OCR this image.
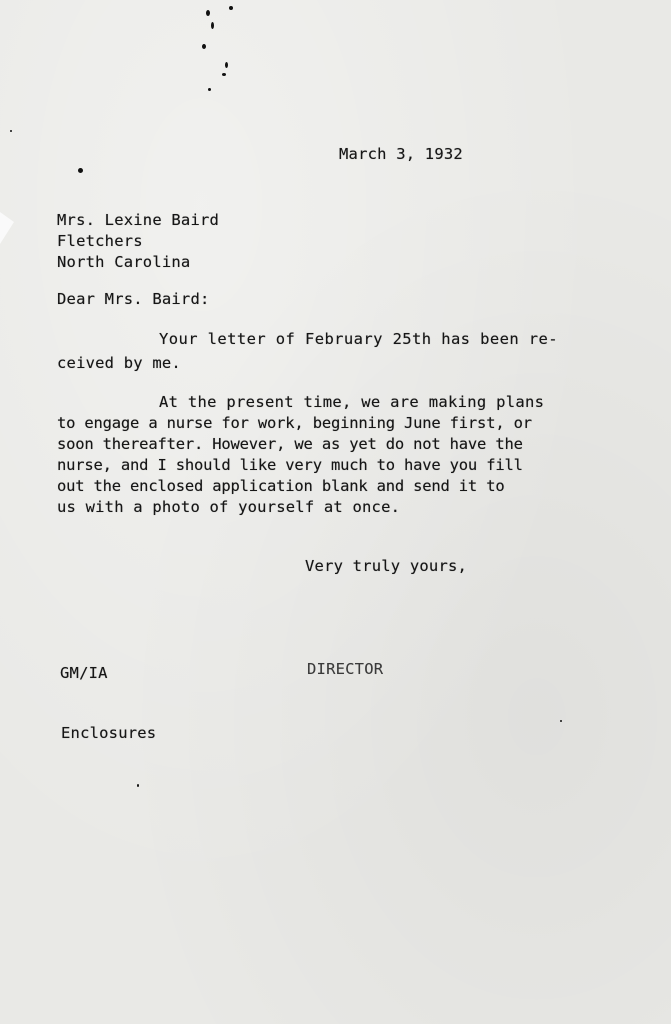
March 3, 1932
Mrs. Lexine Baird
Fletchers
North Carolina
Dear Mrs. Baird:
Your letter of February 25th has been re-
ceived by me.
At the present time, we are making plans
to engage a nurse for work, beginning June first, or
soon thereafter. However, we as yet do not have the
nurse, and I should like very much to have you fill
out the enclosed application blank and send it to
us with a photo of yourself at once.
Very truly yours,
GM/IA	DIRECTOR
Enclosures
